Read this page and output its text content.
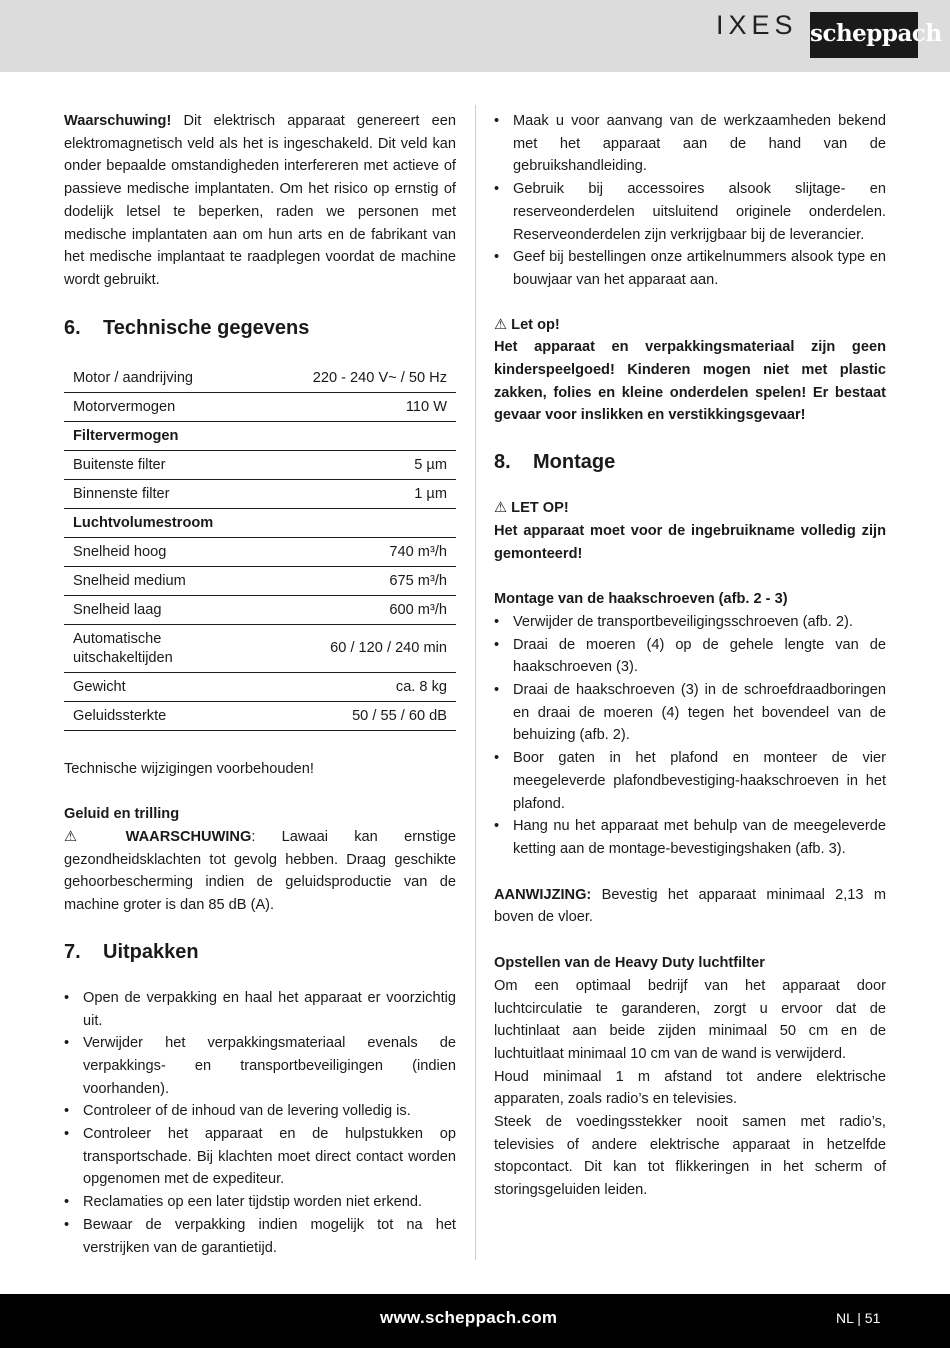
IXES scheppach

Waarschuwing! Dit elektrisch apparaat genereert een elektromagnetisch veld als het is ingeschakeld. Dit veld kan onder bepaalde omstandigheden interfereren met actieve of passieve medische implantaten. Om het risico op ernstig of dodelijk letsel te beperken, raden we personen met medische implantaten aan om hun arts en de fabrikant van het medische implantaat te raadplegen voordat de machine wordt gebruikt.

6. Technische gegevens
Motor / aandrijving	220 - 240 V~ / 50 Hz
Motorvermogen	110 W
Filtervermogen	
Buitenste filter	5 µm
Binnenste filter	1 µm
Luchtvolumestroom	
Snelheid hoog	740 m³/h
Snelheid medium	675 m³/h
Snelheid laag	600 m³/h
Automatische uitschakeltijden	60 / 120 / 240 min
Gewicht	ca. 8 kg
Geluidssterkte	50 / 55 / 60 dB

Technische wijzigingen voorbehouden!

Geluid en trilling

⚠ WAARSCHUWING: Lawaai kan ernstige gezondheidsklachten tot gevolg hebben. Draag geschikte gehoorbescherming indien de geluidsproductie van de machine groter is dan 85 dB (A).

7. Uitpakken
• Open de verpakking en haal het apparaat er voorzichtig uit.
• Verwijder het verpakkingsmateriaal evenals de verpakkings- en transportbeveiligingen (indien voorhanden).
• Controleer of de inhoud van de levering volledig is.
• Controleer het apparaat en de hulpstukken op transportschade. Bij klachten moet direct contact worden opgenomen met de expediteur.
• Reclamaties op een later tijdstip worden niet erkend.
• Bewaar de verpakking indien mogelijk tot na het verstrijken van de garantietijd.
• Maak u voor aanvang van de werkzaamheden bekend met het apparaat aan de hand van de gebruikshandleiding.
• Gebruik bij accessoires alsook slijtage- en reserveonderdelen uitsluitend originele onderdelen. Reserveonderdelen zijn verkrijgbaar bij de leverancier.
• Geef bij bestellingen onze artikelnummers alsook type en bouwjaar van het apparaat aan.

⚠ Let op!

Het apparaat en verpakkingsmateriaal zijn geen kinderspeelgoed! Kinderen mogen niet met plastic zakken, folies en kleine onderdelen spelen! Er bestaat gevaar voor inslikken en verstikkingsgevaar!

8. Montage

⚠ LET OP!

Het apparaat moet voor de ingebruikname volledig zijn gemonteerd!

Montage van de haakschroeven (afb. 2 - 3)

• Verwijder de transportbeveiligingsschroeven (afb. 2).
• Draai de moeren (4) op de gehele lengte van de haakschroeven (3).
• Draai de haakschroeven (3) in de schroefdraadboringen en draai de moeren (4) tegen het bovendeel van de behuizing (afb. 2).
• Boor gaten in het plafond en monteer de vier meegeleverde plafondbevestiging-haakschroeven in het plafond.
• Hang nu het apparaat met behulp van de meegeleverde ketting aan de montage-bevestigingshaken (afb. 3).

AANWIJZING: Bevestig het apparaat minimaal 2,13 m boven de vloer.

Opstellen van de Heavy Duty luchtfilter

Om een optimaal bedrijf van het apparaat door luchtcirculatie te garanderen, zorgt u ervoor dat de luchtinlaat aan beide zijden minimaal 50 cm en de luchtuitlaat minimaal 10 cm van de wand is verwijderd.

Houd minimaal 1 m afstand tot andere elektrische apparaten, zoals radio’s en televisies.

Steek de voedingsstekker nooit samen met radio’s, televisies of andere elektrische apparaat in hetzelfde stopcontact. Dit kan tot flikkeringen in het scherm of storingsgeluiden leiden.

www.scheppach.com	NL | 51
